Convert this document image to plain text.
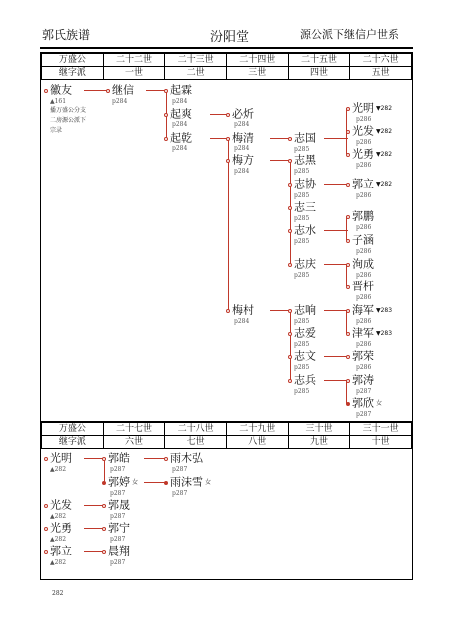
郭氏族谱	汾阳堂	源公派下继信户世系
万盛公	二十二世	二十三世	二十四世	二十五世	二十六世
继字派	一世	二世	三世	四世	五世
万盛公	二十七世	二十八世	二十九世	三十世	三十一世
继字派	六世	七世	八世	九世	十世
徽友
▲161
播万盛公分支二房源公派下宗录
继信
p284
起霖
p284
起爽
p284
起乾
p284
必炘
p284
梅清
p284
梅方
p284
梅村
p284
志国
p285
志黑
p285
志协
p285
志三
p285
志水
p285
志庆
p285
志响
p285
志爱
p285
志文
p285
志兵
p285
光明 ▼282
p286
光发 ▼282
p286
光勇 ▼282
p286
郭立 ▼282
p286
郭鹏
p286
子涵
p286
洵成
p286
晋杆
p286
海军 ▼283
p286
津军 ▼283
p286
郭荣
p286
郭涛
p287
郭欣 女
p287
光明
▲282
郭皓
p287
雨木弘
p287
郭婷 女
p287
雨沫雪 女
p287
光发
▲282
郭晟
p287
光勇
▲282
郭宁
p287
郭立
▲282
晨翔
p287
282
